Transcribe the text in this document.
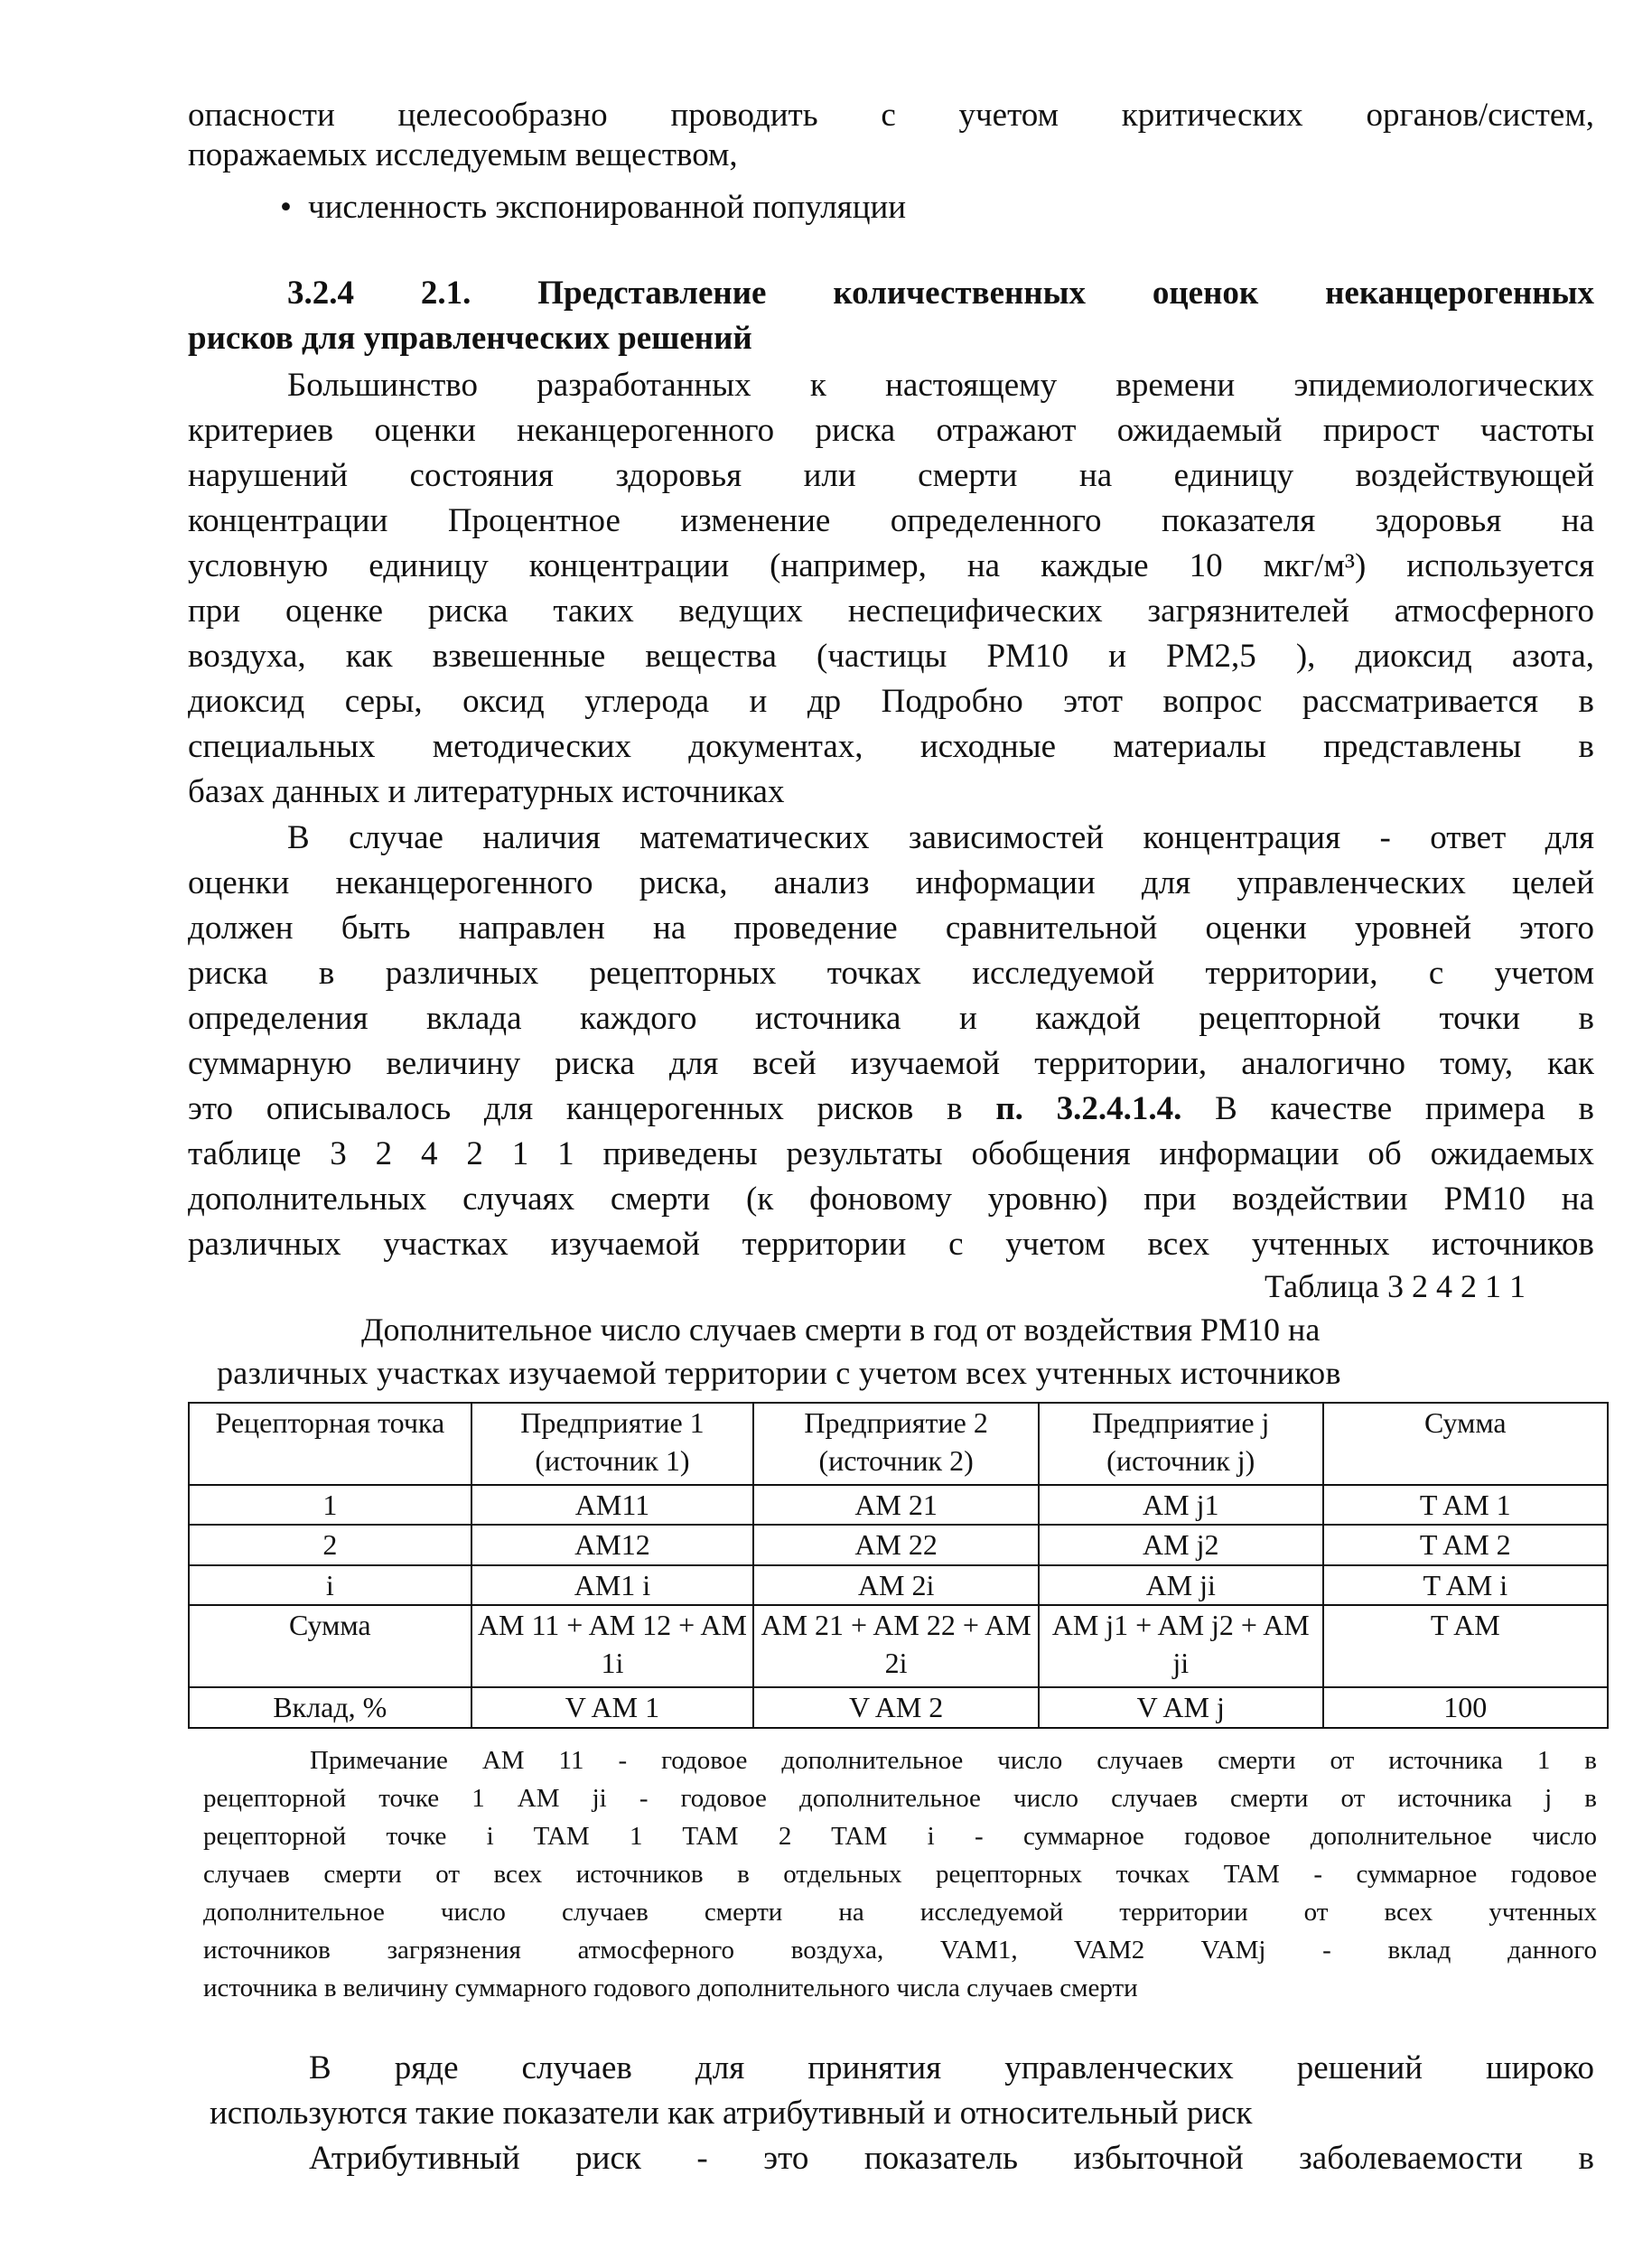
опасности целесообразно проводить с учетом критических органов/систем,
поражаемых исследуемым веществом,
• численность экспонированной популяции
3.2.4 2.1. Представление количественных оценок неканцерогенных
рисков для управленческих решений
Большинство разработанных к настоящему времени эпидемиологических
критериев оценки неканцерогенного риска отражают ожидаемый прирост частоты
нарушений состояния здоровья или смерти на единицу воздействующей
концентрации Процентное изменение определенного показателя здоровья на
условную единицу концентрации (например, на каждые 10 мкг/м³) используется
при оценке риска таких ведущих неспецифических загрязнителей атмосферного
воздуха, как взвешенные вещества (частицы PM10 и PM2,5 ), диоксид азота,
диоксид серы, оксид углерода и др Подробно этот вопрос рассматривается в
специальных методических документах, исходные материалы представлены в
базах данных и литературных источниках
В случае наличия математических зависимостей концентрация - ответ для
оценки неканцерогенного риска, анализ информации для управленческих целей
должен быть направлен на проведение сравнительной оценки уровней этого
риска в различных рецепторных точках исследуемой территории, с учетом
определения вклада каждого источника и каждой рецепторной точки в
суммарную величину риска для всей изучаемой территории, аналогично тому, как
это описывалось для канцерогенных рисков в п. 3.2.4.1.4. В качестве примера в
таблице 3 2 4 2 1 1 приведены результаты обобщения информации об ожидаемых
дополнительных случаях смерти (к фоновому уровню) при воздействии PM10 на
различных участках изучаемой территории с учетом всех учтенных источников
Таблица 3 2 4 2 1 1
Дополнительное число случаев смерти в год от воздействия PM10 на
различных участках изучаемой территории с учетом всех учтенных источников
Рецепторная точка	Предприятие 1 (источник 1)	Предприятие 2 (источник 2)	Предприятие j (источник j)	Сумма
1	AM11	AM 21	AM j1	T AM 1
2	AM12	AM 22	AM j2	T AM 2
i	AM1 i	AM 2i	AM ji	T AM i
Сумма	AM 11 + AM 12 + AM 1i	AM 21 + AM 22 + AM 2i	AM j1 + AM j2 + AM ji	T AM
Вклад, %	V AM 1	V AM 2	V AM j	100
Примечание AM 11 - годовое дополнительное число случаев смерти от источника 1 в
рецепторной точке 1 AM ji - годовое дополнительное число случаев смерти от источника j в
рецепторной точке i TAM 1 TAM 2 TAM i - суммарное годовое дополнительное число
случаев смерти от всех источников в отдельных рецепторных точках TAM - суммарное годовое
дополнительное число случаев смерти на исследуемой территории от всех учтенных
источников загрязнения атмосферного воздуха, VAM1, VAM2 VAMj - вклад данного
источника в величину суммарного годового дополнительного числа случаев смерти
В ряде случаев для принятия управленческих решений широко
используются такие показатели как атрибутивный и относительный риск
Атрибутивный риск - это показатель избыточной заболеваемости в
